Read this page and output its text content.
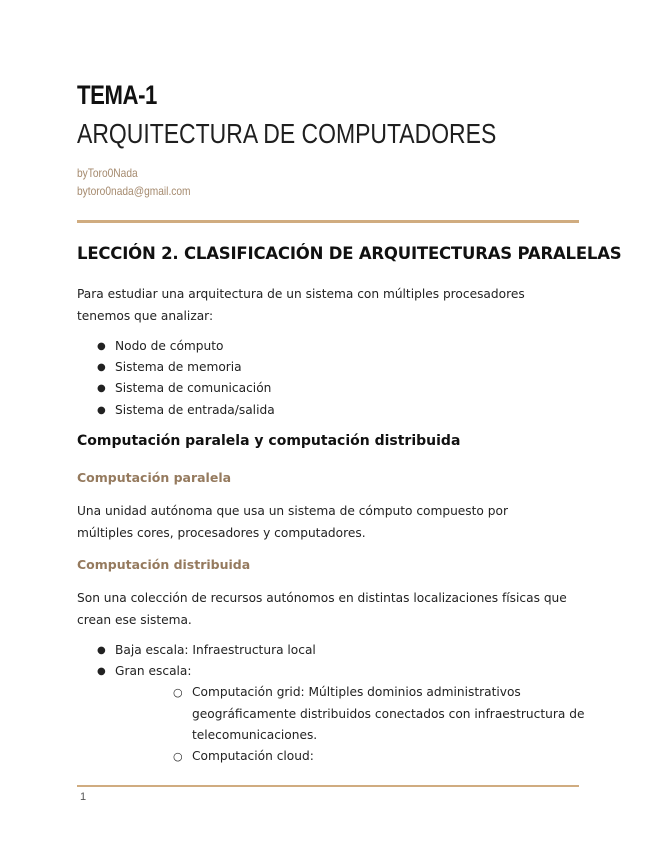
TEMA-1
ARQUITECTURA DE COMPUTADORES
byToro0Nada
bytoro0nada@gmail.com
LECCIÓN 2. CLASIFICACIÓN DE ARQUITECTURAS PARALELAS
Para estudiar una arquitectura de un sistema con múltiples procesadores tenemos que analizar:
● Nodo de cómputo
● Sistema de memoria
● Sistema de comunicación
● Sistema de entrada/salida
Computación paralela y computación distribuida
Computación paralela
Una unidad autónoma que usa un sistema de cómputo compuesto por múltiples cores, procesadores y computadores.
Computación distribuida
Son una colección de recursos autónomos en distintas localizaciones físicas que crean ese sistema.
● Baja escala: Infraestructura local
● Gran escala:
○ Computación grid: Múltiples dominios administrativos geográficamente distribuidos conectados con infraestructura de telecomunicaciones.
○ Computación cloud:
1
